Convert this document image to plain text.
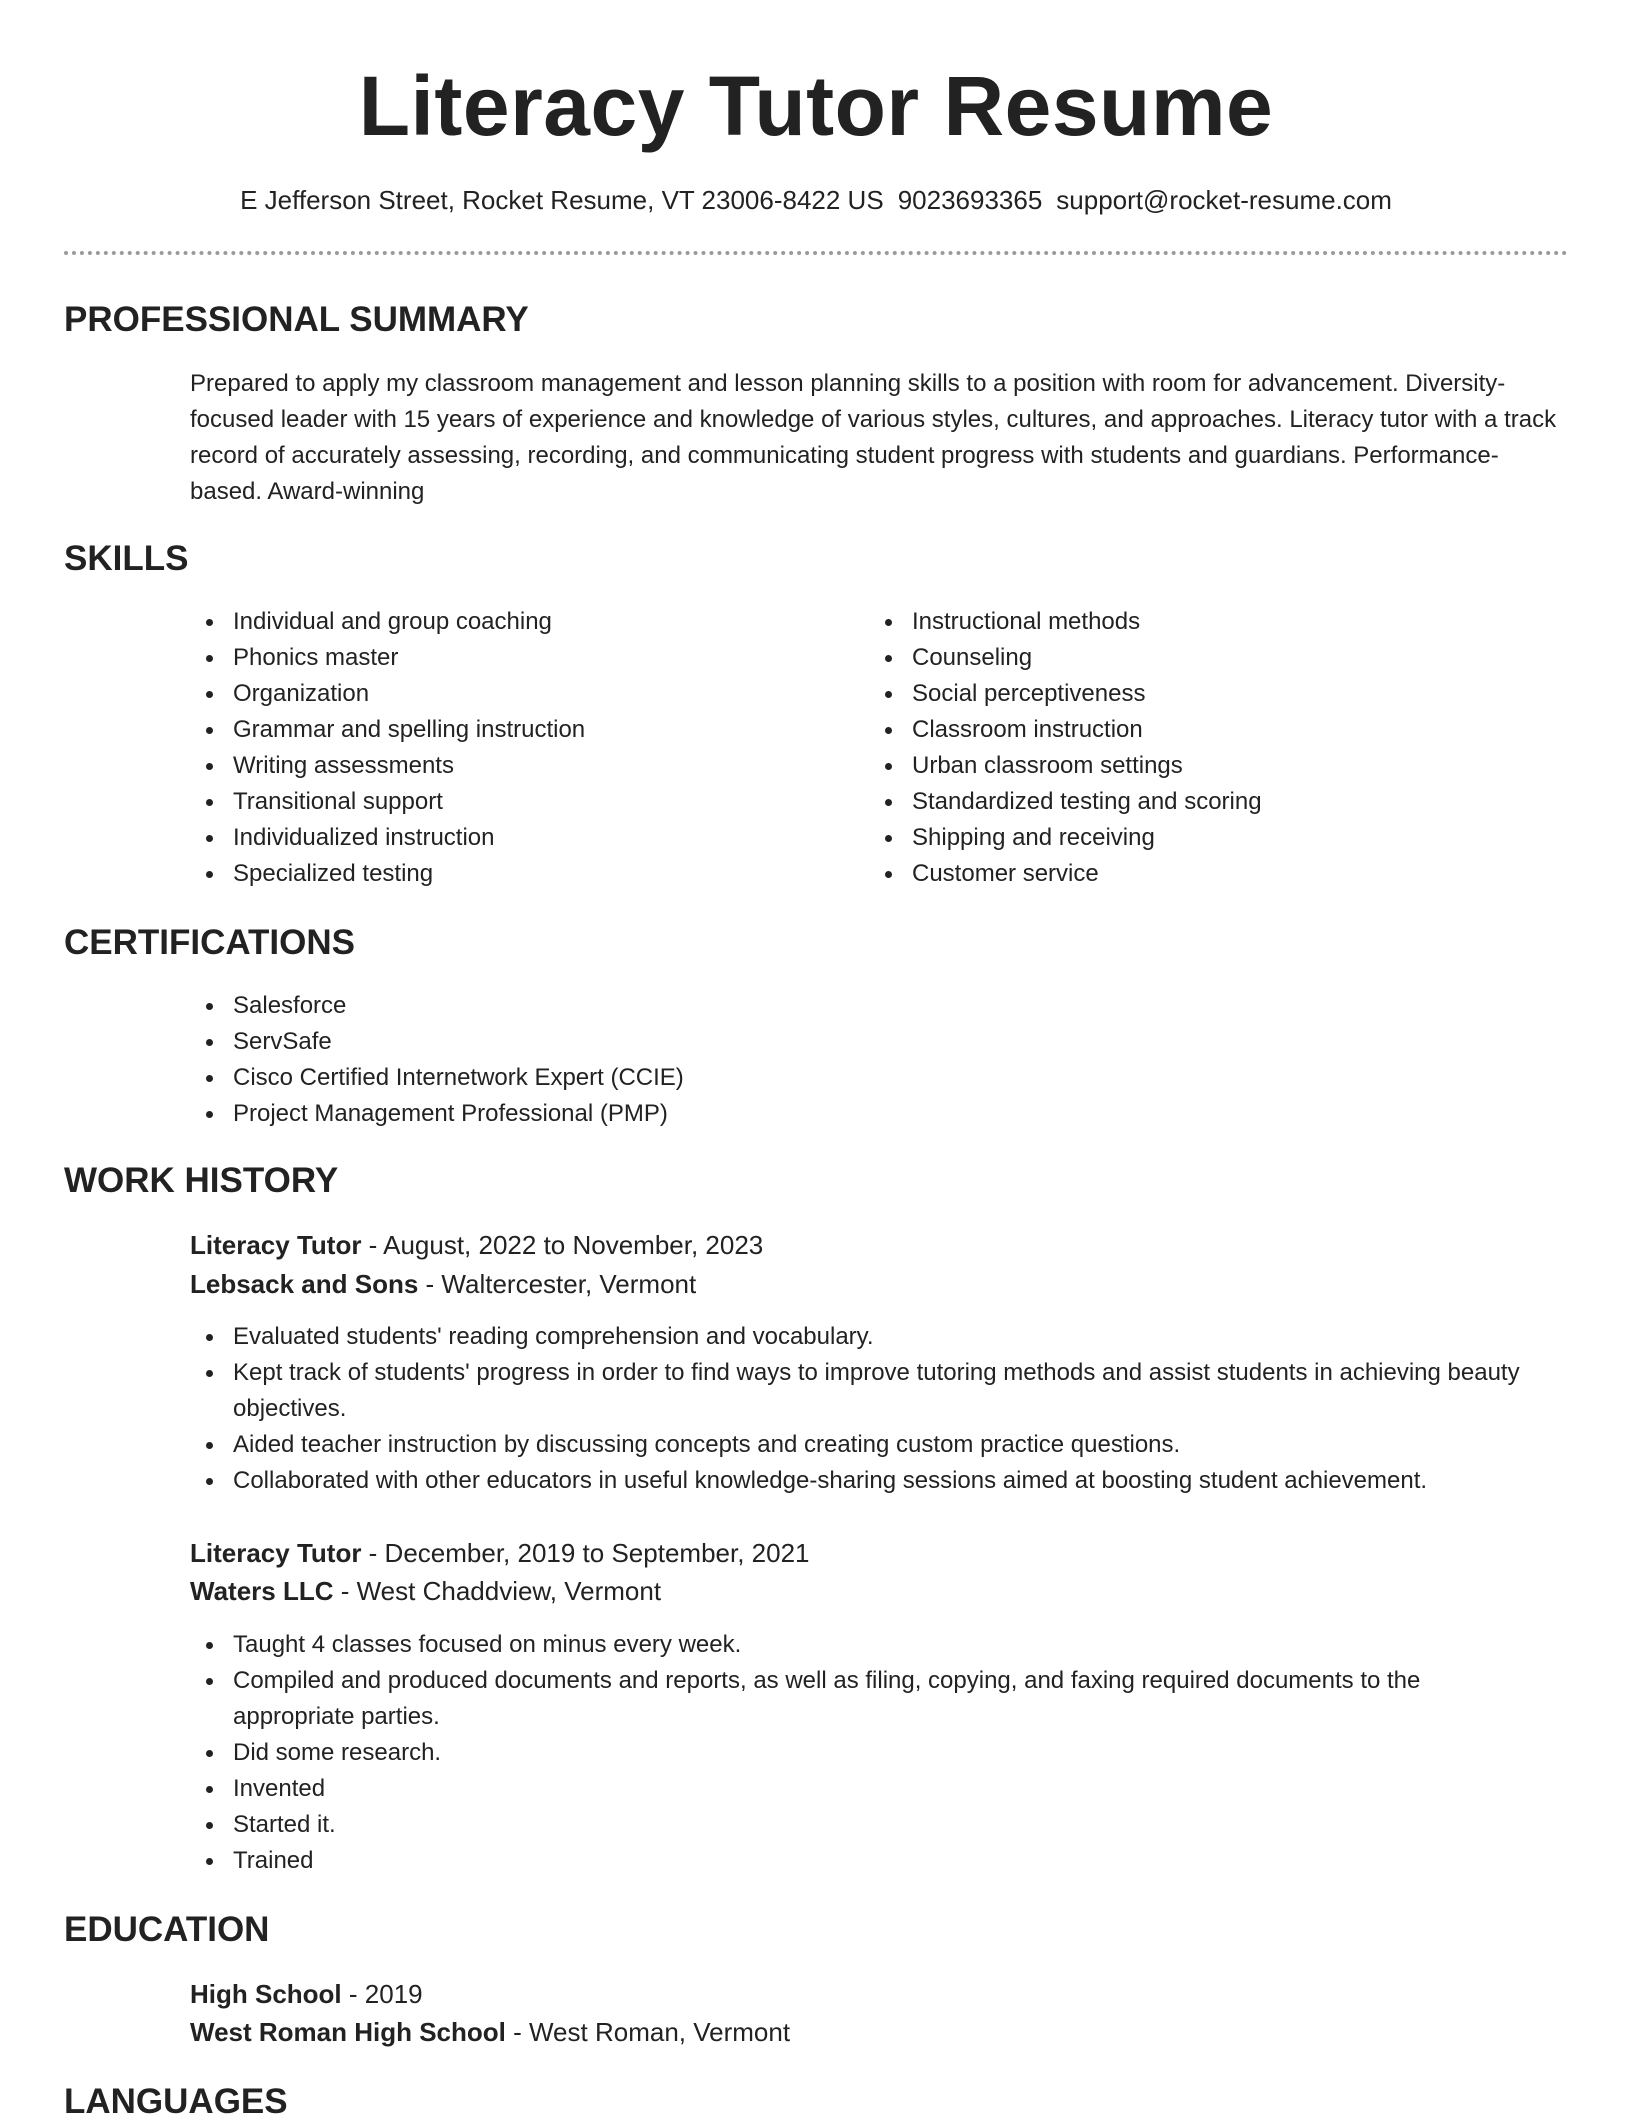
Literacy Tutor Resume
E Jefferson Street, Rocket Resume, VT 23006-8422 US 9023693365 support@rocket-resume.com
PROFESSIONAL SUMMARY

Prepared to apply my classroom management and lesson planning skills to a position with room for advancement. Diversity-focused leader with 15 years of experience and knowledge of various styles, cultures, and approaches. Literacy tutor with a track record of accurately assessing, recording, and communicating student progress with students and guardians. Performance-based. Award-winning

SKILLS
Individual and group coaching
Phonics master
Organization
Grammar and spelling instruction
Writing assessments
Transitional support
Individualized instruction
Specialized testing
Instructional methods
Counseling
Social perceptiveness
Classroom instruction
Urban classroom settings
Standardized testing and scoring
Shipping and receiving
Customer service
CERTIFICATIONS
Salesforce
ServSafe
Cisco Certified Internetwork Expert (CCIE)
Project Management Professional (PMP)
WORK HISTORY
Literacy Tutor - August, 2022 to November, 2023
Lebsack and Sons - Waltercester, Vermont
Evaluated students' reading comprehension and vocabulary.
Kept track of students' progress in order to find ways to improve tutoring methods and assist students in achieving beauty objectives.
Aided teacher instruction by discussing concepts and creating custom practice questions.
Collaborated with other educators in useful knowledge-sharing sessions aimed at boosting student achievement.
Literacy Tutor - December, 2019 to September, 2021
Waters LLC - West Chaddview, Vermont
Taught 4 classes focused on minus every week.
Compiled and produced documents and reports, as well as filing, copying, and faxing required documents to the appropriate parties.
Did some research.
Invented
Started it.
Trained
EDUCATION
High School - 2019
West Roman High School - West Roman, Vermont
LANGUAGES
